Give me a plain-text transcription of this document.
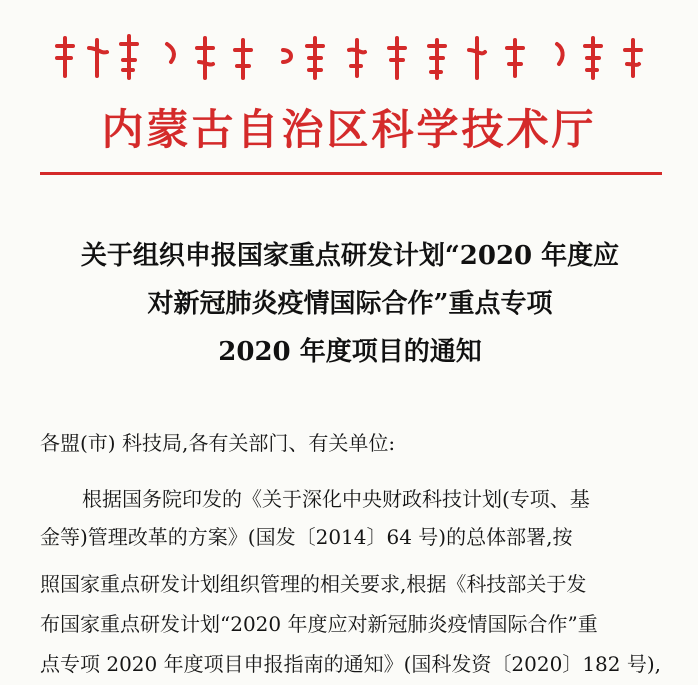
内蒙古自治区科学技术厅
关于组织申报国家重点研发计划“2020 年度应
对新冠肺炎疫情国际合作”重点专项
2020 年度项目的通知
各盟(市) 科技局,各有关部门、有关单位:
根据国务院印发的《关于深化中央财政科技计划(专项、基
金等)管理改革的方案》(国发〔2014〕64 号)的总体部署,按
照国家重点研发计划组织管理的相关要求,根据《科技部关于发
布国家重点研发计划“2020 年度应对新冠肺炎疫情国际合作”重
点专项 2020 年度项目申报指南的通知》(国科发资〔2020〕182 号),
